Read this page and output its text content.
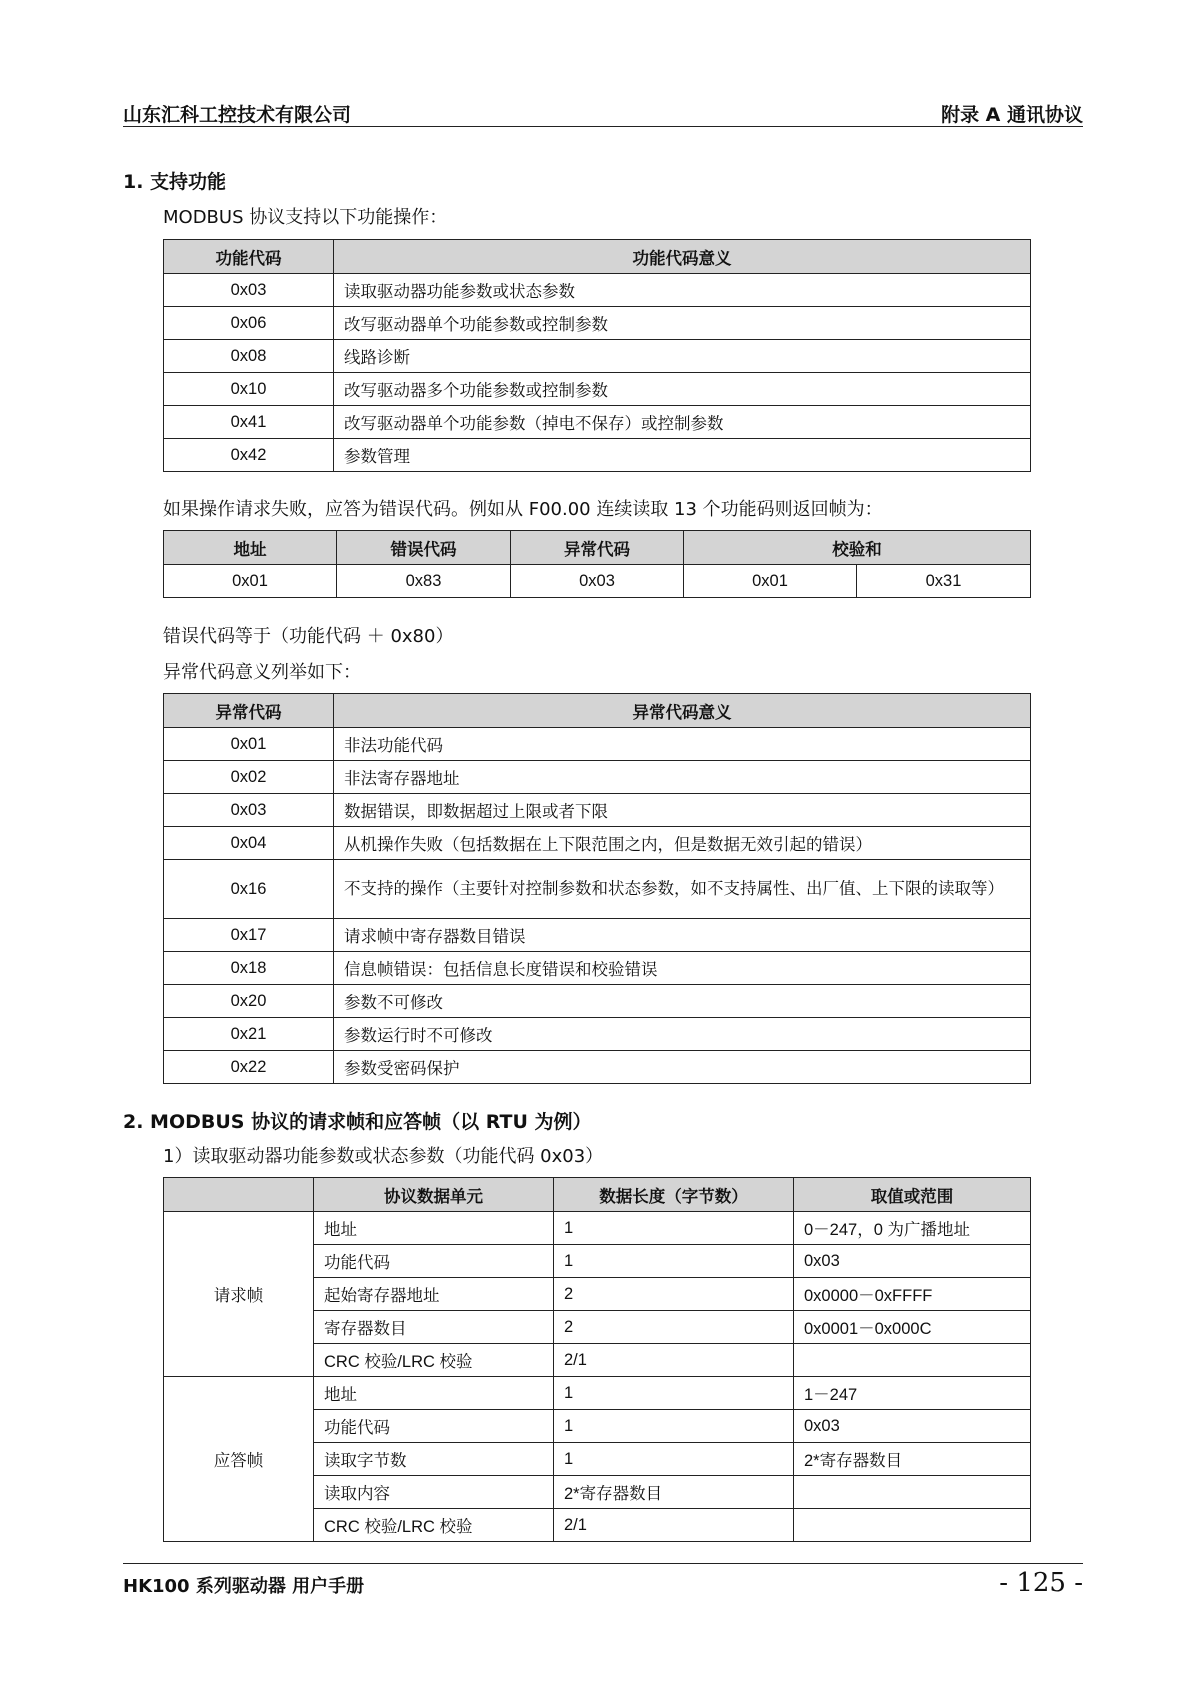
山东汇科工控技术有限公司	附录 A 通讯协议
1. 支持功能
MODBUS 协议支持以下功能操作：
功能代码	功能代码意义
0x03	读取驱动器功能参数或状态参数
0x06	改写驱动器单个功能参数或控制参数
0x08	线路诊断
0x10	改写驱动器多个功能参数或控制参数
0x41	改写驱动器单个功能参数（掉电不保存）或控制参数
0x42	参数管理
如果操作请求失败，应答为错误代码。例如从 F00.00 连续读取 13 个功能码则返回帧为：
地址	错误代码	异常代码	校验和	
0x01	0x83	0x03	0x01	0x31
错误代码等于（功能代码 ＋ 0x80）
异常代码意义列举如下：
异常代码	异常代码意义
0x01	非法功能代码
0x02	非法寄存器地址
0x03	数据错误，即数据超过上限或者下限
0x04	从机操作失败（包括数据在上下限范围之内，但是数据无效引起的错误）
0x16	不支持的操作（主要针对控制参数和状态参数，如不支持属性、出厂值、上下限的读取等）
0x17	请求帧中寄存器数目错误
0x18	信息帧错误：包括信息长度错误和校验错误
0x20	参数不可修改
0x21	参数运行时不可修改
0x22	参数受密码保护
2. MODBUS 协议的请求帧和应答帧（以 RTU 为例）
1）读取驱动器功能参数或状态参数（功能代码 0x03）
	协议数据单元	数据长度（字节数）	取值或范围
请求帧	地址	1	0－247，0 为广播地址
	功能代码	1	0x03
	起始寄存器地址	2	0x0000－0xFFFF
	寄存器数目	2	0x0001－0x000C
	CRC 校验/LRC 校验	2/1	
应答帧	地址	1	1－247
	功能代码	1	0x03
	读取字节数	1	2*寄存器数目
	读取内容	2*寄存器数目	
	CRC 校验/LRC 校验	2/1	
HK100 系列驱动器 用户手册	- 125 -
